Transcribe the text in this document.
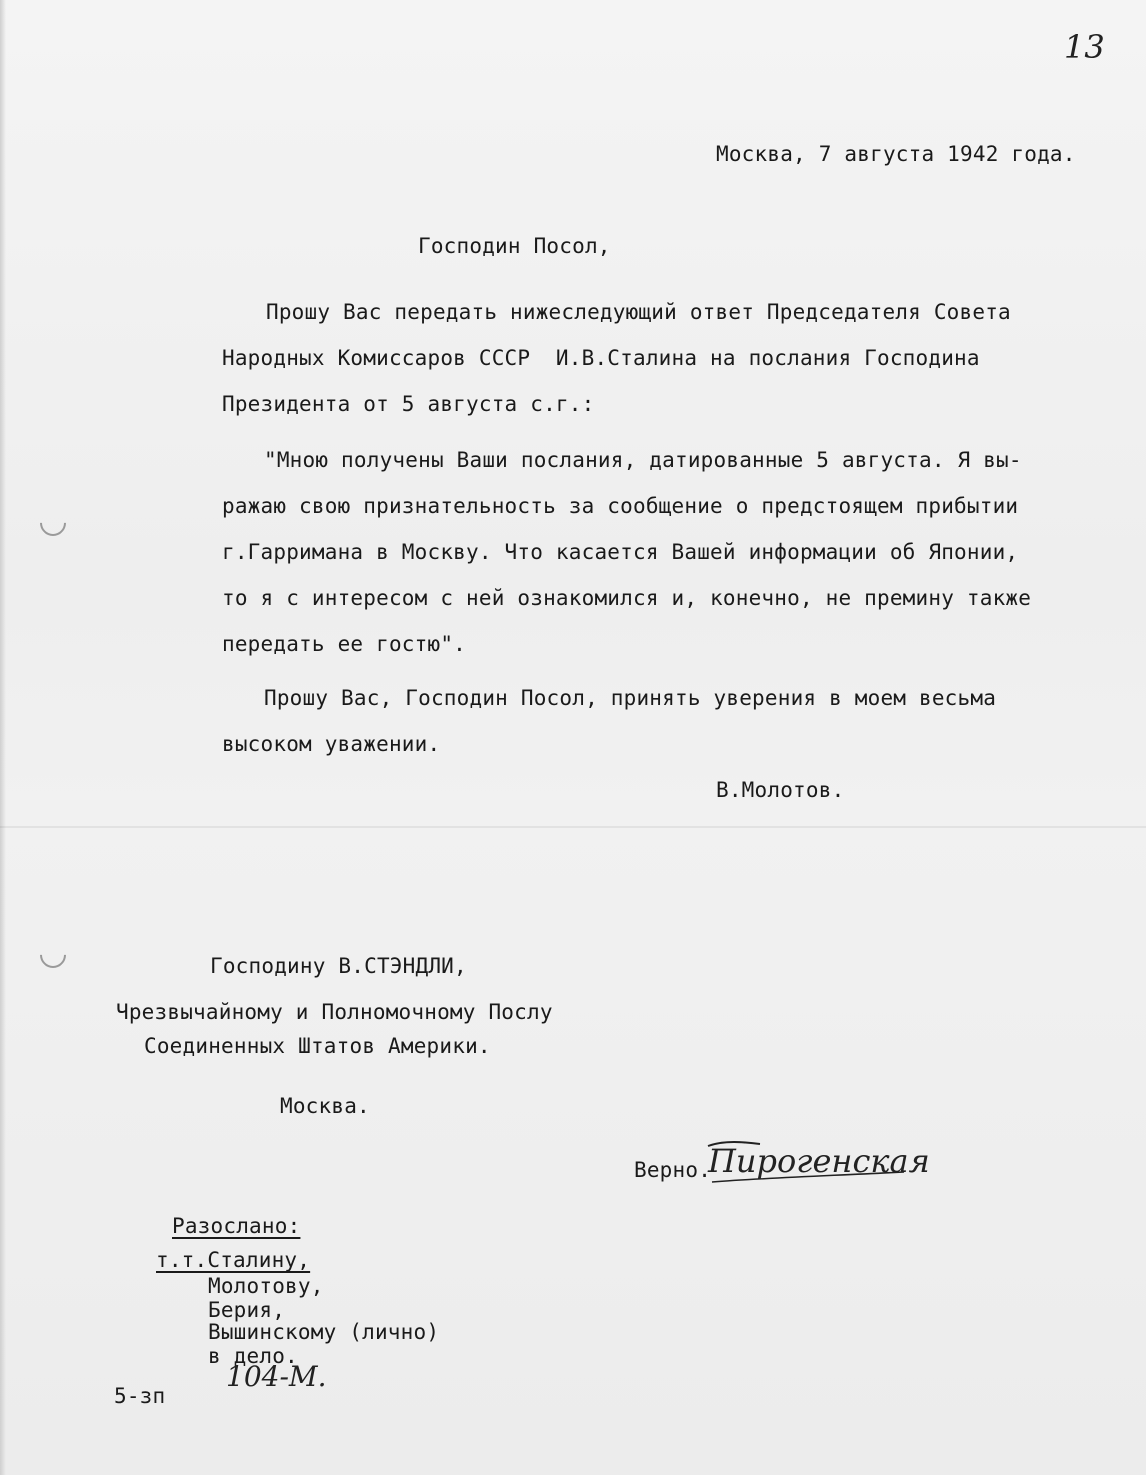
13
Москва, 7 августа 1942 года.
Господин Посол,
Прошу Вас передать нижеследующий ответ Председателя Совета
Народных Комиссаров СССР  И.В.Сталина на послания Господина
Президента от 5 августа с.г.:
"Мною получены Ваши послания, датированные 5 августа. Я вы-
ражаю свою признательность за сообщение о предстоящем прибытии
г.Гарримана в Москву. Что касается Вашей информации об Японии,
то я с интересом с ней ознакомился и, конечно, не премину также
передать ее гостю".
Прошу Вас, Господин Посол, принять уверения в моем весьма
высоком уважении.
В.Молотов.
Господину В.СТЭНДЛИ,
Чрезвычайному и Полномочному Послу
Соединенных Штатов Америки.
Москва.
Верно.
Пирогенская
Разослано:
т.т.Сталину,
Молотову,
Берия,
Вышинскому (лично)
в дело.
104-М.
5-зп
